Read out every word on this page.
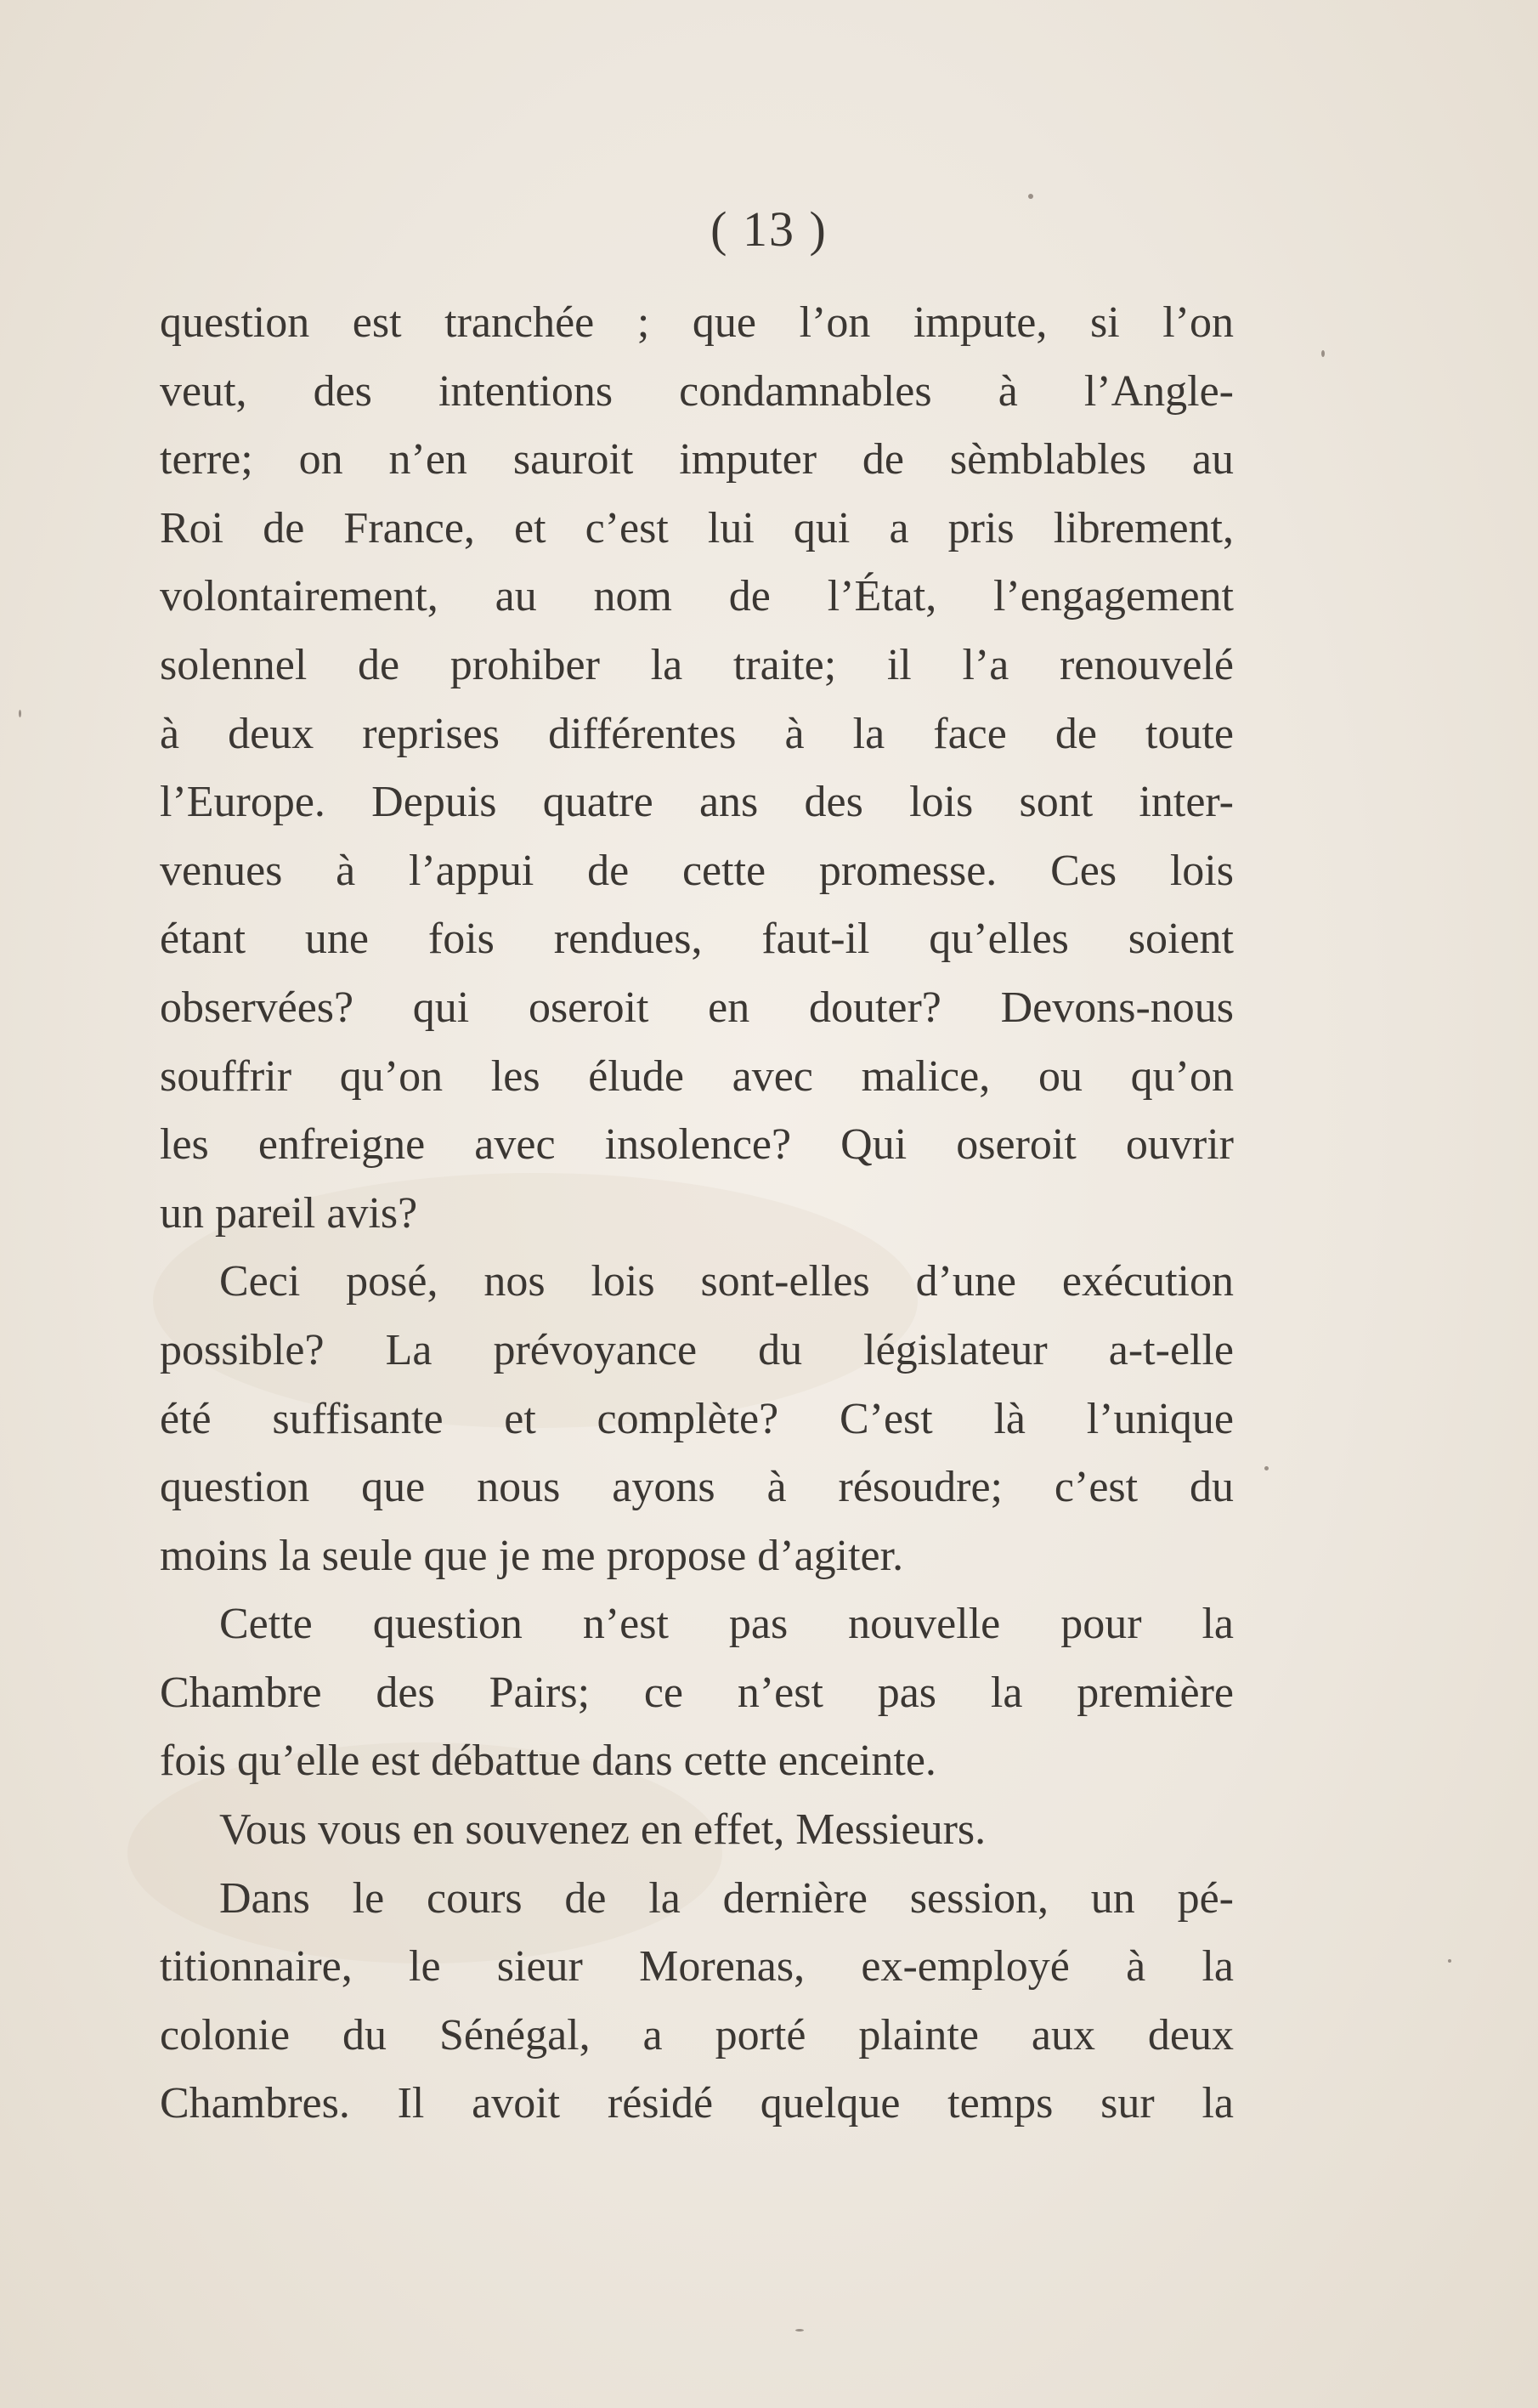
( 13 )
question est tranchée ; que l’on impute, si l’on
veut, des intentions condamnables à l’Angle-
terre; on n’en sauroit imputer de sèmblables au
Roi de France, et c’est lui qui a pris librement,
volontairement, au nom de l’État, l’engagement
solennel de prohiber la traite; il l’a renouvelé
à deux reprises différentes à la face de toute
l’Europe. Depuis quatre ans des lois sont inter-
venues à l’appui de cette promesse. Ces lois
étant une fois rendues, faut-il qu’elles soient
observées? qui oseroit en douter? Devons-nous
souffrir qu’on les élude avec malice, ou qu’on
les enfreigne avec insolence? Qui oseroit ouvrir
un pareil avis?
Ceci posé, nos lois sont-elles d’une exécution
possible? La prévoyance du législateur a-t-elle
été suffisante et complète? C’est là l’unique
question que nous ayons à résoudre; c’est du
moins la seule que je me propose d’agiter.
Cette question n’est pas nouvelle pour la
Chambre des Pairs; ce n’est pas la première
fois qu’elle est débattue dans cette enceinte.
Vous vous en souvenez en effet, Messieurs.
Dans le cours de la dernière session, un pé-
titionnaire, le sieur Morenas, ex-employé à la
colonie du Sénégal, a porté plainte aux deux
Chambres. Il avoit résidé quelque temps sur la
